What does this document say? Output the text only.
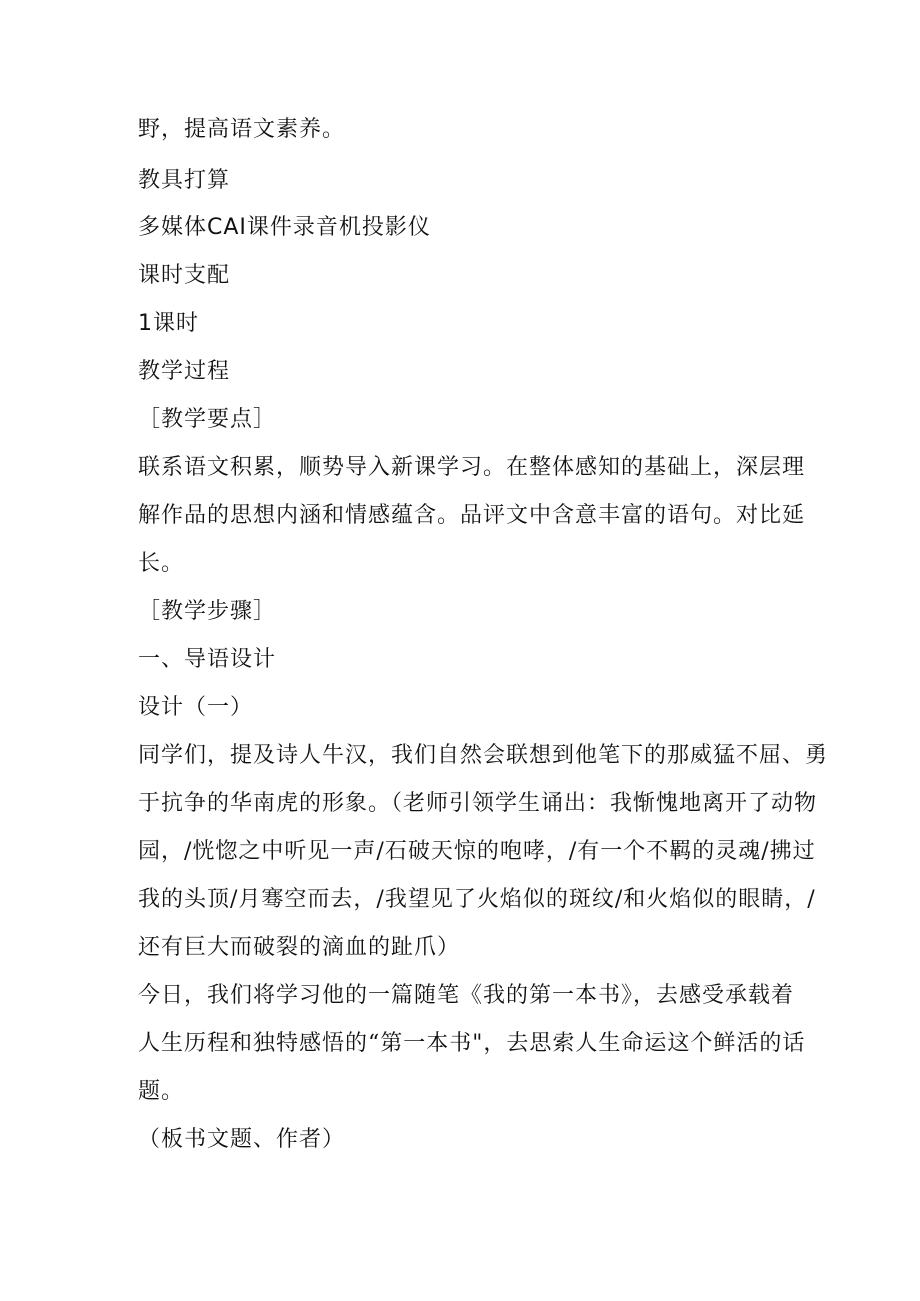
野，提高语文素养。
教具打算
多媒体CAI课件录音机投影仪
课时支配
1课时
教学过程
［教学要点］
联系语文积累，顺势导入新课学习。在整体感知的基础上，深层理
解作品的思想内涵和情感蕴含。品评文中含意丰富的语句。对比延
长。
［教学步骤］
一、导语设计
设计（一）
同学们，提及诗人牛汉，我们自然会联想到他笔下的那威猛不屈、勇
于抗争的华南虎的形象。（老师引领学生诵出：我惭愧地离开了动物
园，/恍惚之中听见一声/石破天惊的咆哮，/有一个不羁的灵魂/拂过
我的头顶/月骞空而去，/我望见了火焰似的斑纹/和火焰似的眼睛，/
还有巨大而破裂的滴血的趾爪）
今日，我们将学习他的一篇随笔《我的第一本书》，去感受承载着
人生历程和独特感悟的“第一本书"，去思索人生命运这个鲜活的话
题。
（板书文题、作者）
